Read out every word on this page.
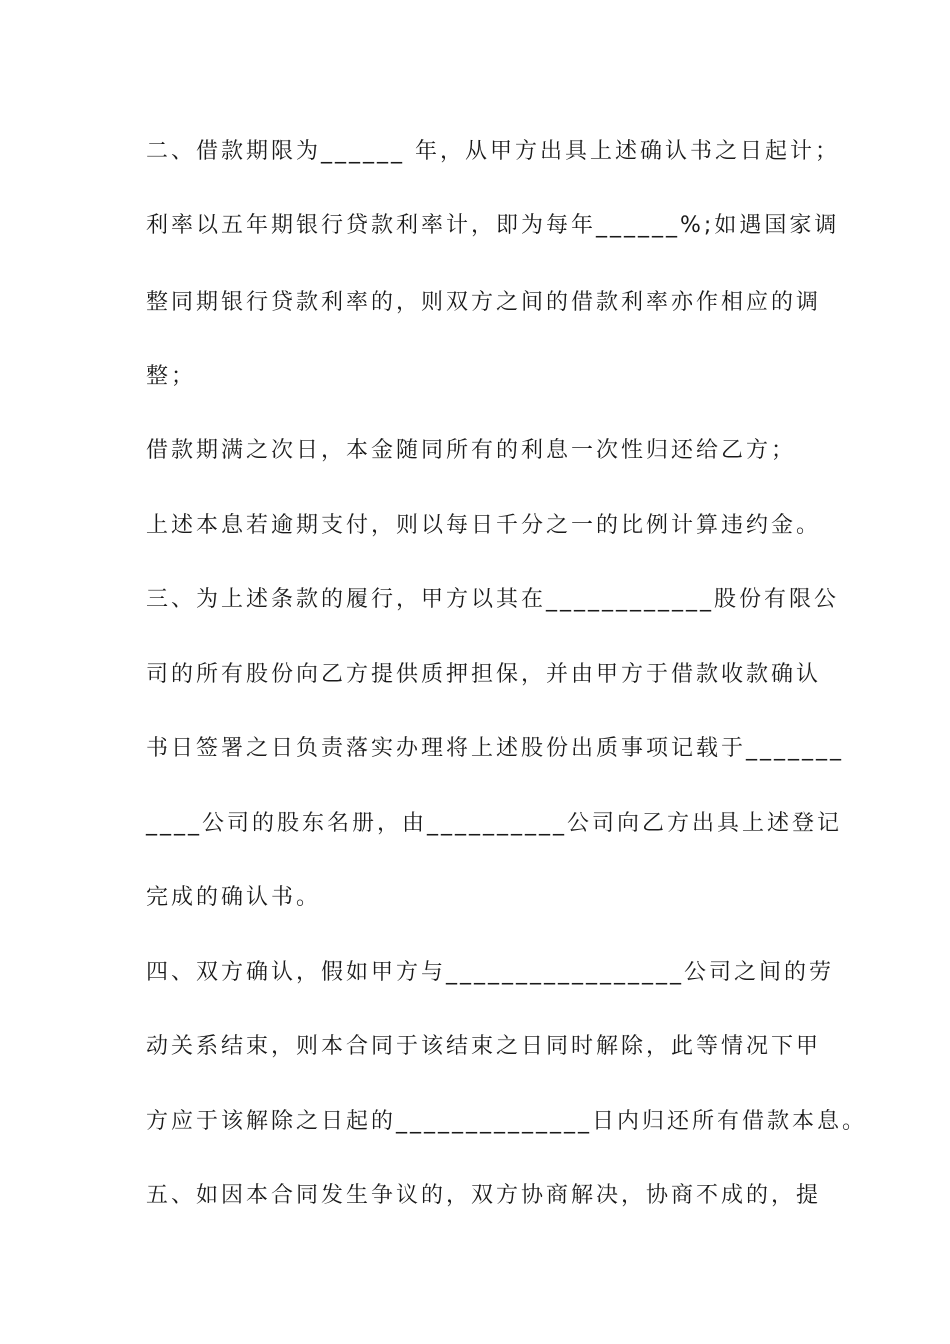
二、借款期限为______ 年，从甲方出具上述确认书之日起计；
利率以五年期银行贷款利率计，即为每年______%;如遇国家调
整同期银行贷款利率的，则双方之间的借款利率亦作相应的调
整；
借款期满之次日，本金随同所有的利息一次性归还给乙方；
上述本息若逾期支付，则以每日千分之一的比例计算违约金。
三、为上述条款的履行，甲方以其在____________股份有限公
司的所有股份向乙方提供质押担保，并由甲方于借款收款确认
书日签署之日负责落实办理将上述股份出质事项记载于_______
____公司的股东名册，由__________公司向乙方出具上述登记
完成的确认书。
四、双方确认，假如甲方与_________________公司之间的劳
动关系结束，则本合同于该结束之日同时解除，此等情况下甲
方应于该解除之日起的______________日内归还所有借款本息。
五、如因本合同发生争议的，双方协商解决，协商不成的，提
